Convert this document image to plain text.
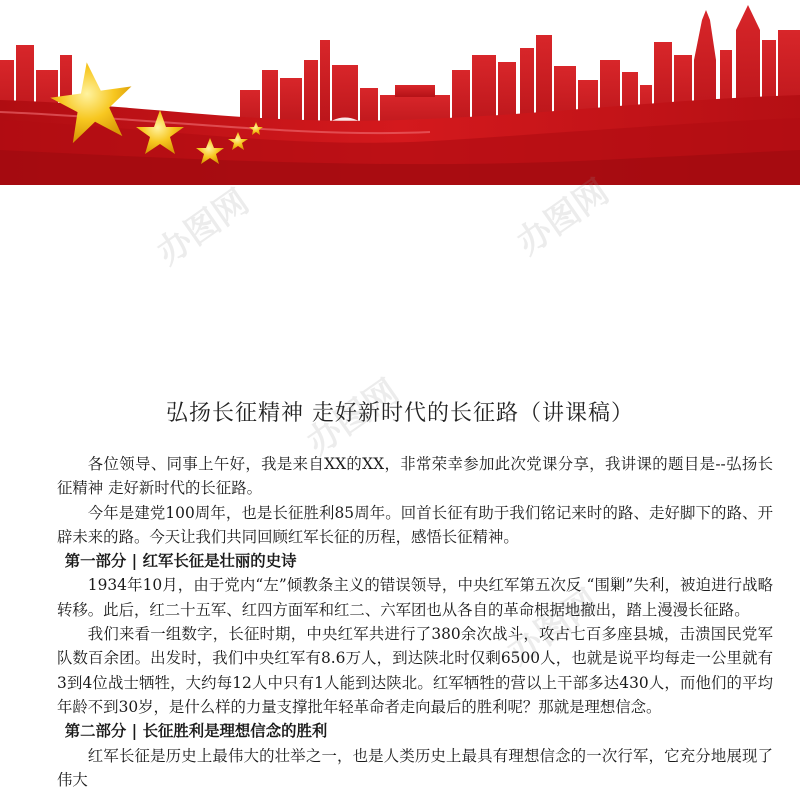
办图网	办图网
办图网
办图网
弘扬长征精神 走好新时代的长征路（讲课稿）

各位领导、同事上午好，我是来自XX的XX，非常荣幸参加此次党课分享，我讲课的题目是--弘扬长征精神 走好新时代的长征路。

今年是建党100周年，也是长征胜利85周年。回首长征有助于我们铭记来时的路、走好脚下的路、开辟未来的路。今天让我们共同回顾红军长征的历程，感悟长征精神。

第一部分 | 红军长征是壮丽的史诗

1934年10月，由于党内“左”倾教条主义的错误领导，中央红军第五次反 “围剿”失利，被迫进行战略转移。此后，红二十五军、红四方面军和红二、六军团也从各自的革命根据地撤出，踏上漫漫长征路。

我们来看一组数字，长征时期，中央红军共进行了380余次战斗，攻占七百多座县城，击溃国民党军队数百余团。出发时，我们中央红军有8.6万人，到达陕北时仅剩6500人，也就是说平均每走一公里就有3到4位战士牺牲，大约每12人中只有1人能到达陕北。红军牺牲的营以上干部多达430人，而他们的平均年龄不到30岁，是什么样的力量支撑批年轻革命者走向最后的胜利呢？那就是理想信念。

第二部分 | 长征胜利是理想信念的胜利

红军长征是历史上最伟大的壮举之一，也是人类历史上最具有理想信念的一次行军，它充分地展现了伟大
